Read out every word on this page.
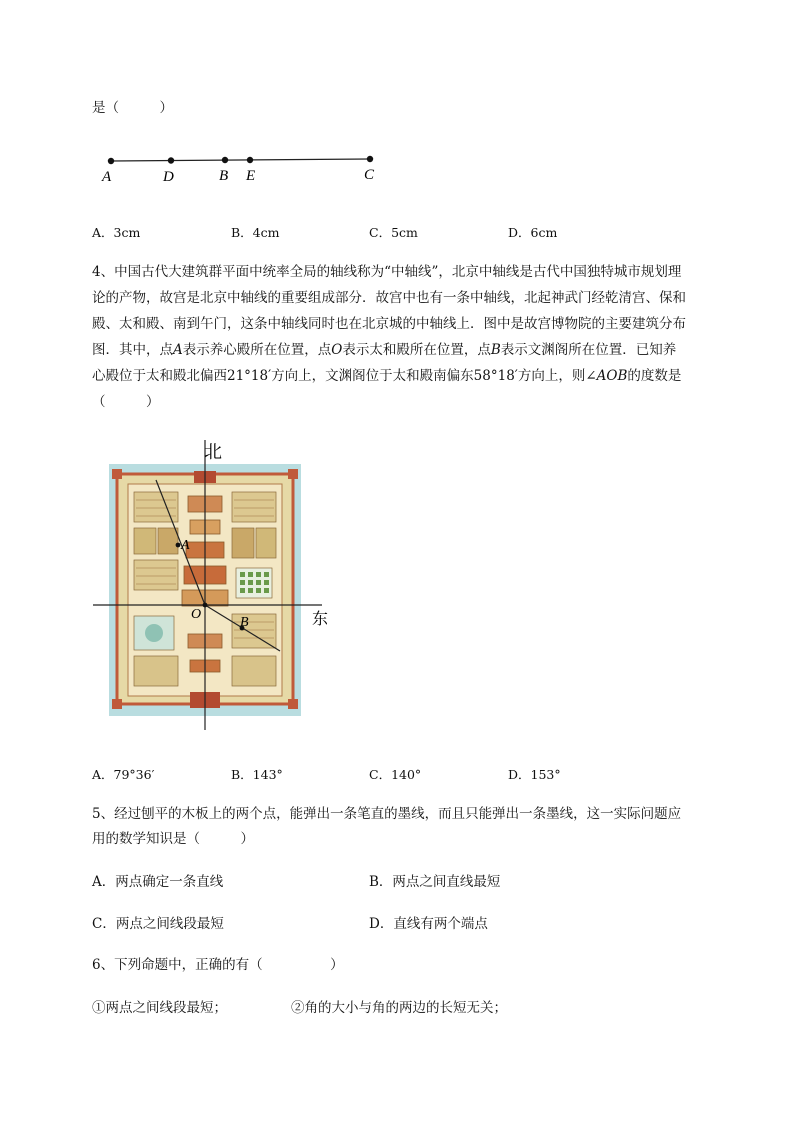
是（　　　）
A	D	B E	C
A．3cm	B．4cm	C．5cm	D．6cm
4、中国古代大建筑群平面中统率全局的轴线称为“中轴线”，北京中轴线是古代中国独特城市规划理
论的产物，故宫是北京中轴线的重要组成部分．故宫中也有一条中轴线，北起神武门经乾清宫、保和
殿、太和殿、南到午门，这条中轴线同时也在北京城的中轴线上．图中是故宫博物院的主要建筑分布
图．其中，点A表示养心殿所在位置，点O表示太和殿所在位置，点B表示文渊阁所在位置．已知养
心殿位于太和殿北偏西21°18′方向上，文渊阁位于太和殿南偏东58°18′方向上，则∠AOB的度数是
（　　　）
北
东
A
O
B
A．79°36′	B．143°	C．140°	D．153°
5、经过刨平的木板上的两个点，能弹出一条笔直的墨线，而且只能弹出一条墨线，这一实际问题应
用的数学知识是（　　　）
A．两点确定一条直线	B．两点之间直线最短
C．两点之间线段最短	D．直线有两个端点
6、下列命题中，正确的有（　　　　　）
①两点之间线段最短；	②角的大小与角的两边的长短无关；
